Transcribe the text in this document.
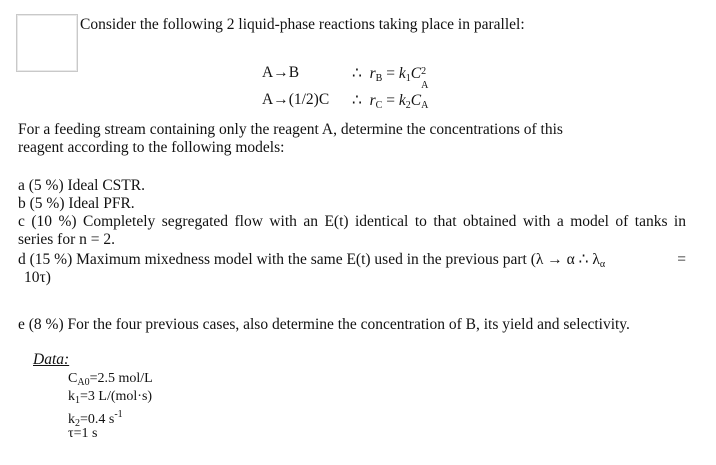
Consider the following 2 liquid-phase reactions taking place in parallel:
A→B	∴ $r_B = k_1C$ 2
A
A→(1/2)C ∴ $r_C = k_2C_A$
For a feeding stream containing only the reagent A, determine the concentrations of this
reagent according to the following models:
a (5 %) Ideal CSTR.
b (5 %) Ideal PFR.
c (10 %) Completely segregated flow with an E(t) identical to that obtained with a model of tanks in
series for n = 2.
d (15 %) Maximum mixedness model with the same E(t) used in the previous part (λ → α ∴ $\lambda_\alpha$	=
10τ)
e (8 %) For the four previous cases, also determine the concentration of B, its yield and selectivity.
Data:
$C_{A0}=2.5$ mol/L
$k_1=3$ L/(mol·s)
$k_2=0.4$ $s^{-1}$
τ=1 s
